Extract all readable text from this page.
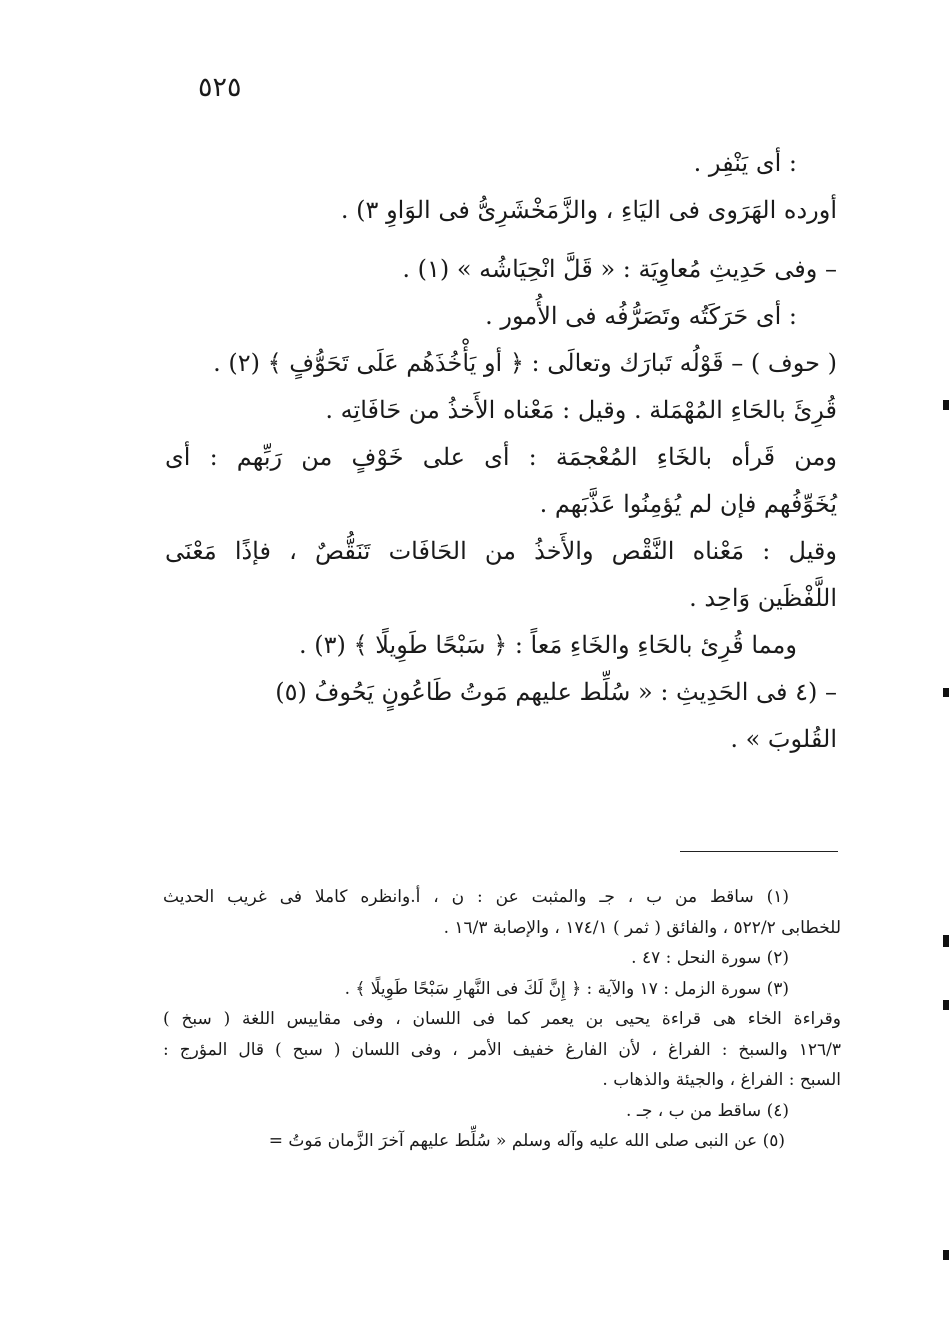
٥٢٥
: أى يَنْفِر .
أورده الهَرَوى فى اليَاءِ ، والزَّمَخْشَرِىُّ فى الوَاوِ ٣) .
– وفى حَدِيثِ مُعاوِيَة : « قَلَّ انْحِيَاشُه » (١) .
: أى حَرَكَتُه وتَصَرُّفُه فى الأُمور .
( حوف ) – قَوْلُه تَبارَك وتعالَى : ﴿ أو يَأْخُذَهُم عَلَى تَحَوُّفٍ ﴾ (٢) .
قُرِئَ بالحَاءِ المُهْمَلة . وقيل : مَعْناه الأَخذُ من حَافَاتِه .
ومن قَرأه بالخَاءِ المُعْجمَة : أى على خَوْفٍ من رَبِّهم : أى
يُخَوِّفُهم فإن لم يُؤمِنُوا عَذَّبَهم .
وقيل : مَعْناه النَّقْص والأَخذُ من الحَافَات تَنَقُّصٌ ، فإذًا مَعْنَى
اللَّفْظَين وَاحِد .
ومما قُرِئ بالحَاءِ والخَاءِ مَعاً : ﴿ سَبْحًا طَوِيلًا ﴾ (٣) .
– (٤ فى الحَدِيثِ : « سُلِّط عليهم مَوتُ طَاعُونٍ يَحُوفُ (٥)
القُلوبَ » .
(١) ساقط من ب ، جـ والمثبت عن : ن ، أ.وانظره كاملا فى غريب الحديث
للخطابى ٥٢٢/٢ ، والفائق ( ثمر ) ١٧٤/١ ، والإصابة ١٦/٣ .
(٢) سورة النحل : ٤٧ .
(٣) سورة الزمل : ١٧ والآية : ﴿ إِنَّ لَكَ فى النَّهارِ سَبْحًا طَوِيلًا ﴾ .
وقراءة الخاء هى قراءة يحيى بن يعمر كما فى اللسان ، وفى مقاييس اللغة ( سبخ )
١٢٦/٣ والسبخ : الفراغ ، لأن الفارغ خفيف الأمر ، وفى اللسان ( سبح ) قال المؤرج :
السبح : الفراغ ، والجيئة والذهاب .
(٤) ساقط من ب ، جـ .
(٥) عن النبى صلى الله عليه وآله وسلم « سُلِّط عليهم آخرَ الزَّمان مَوتُ =
